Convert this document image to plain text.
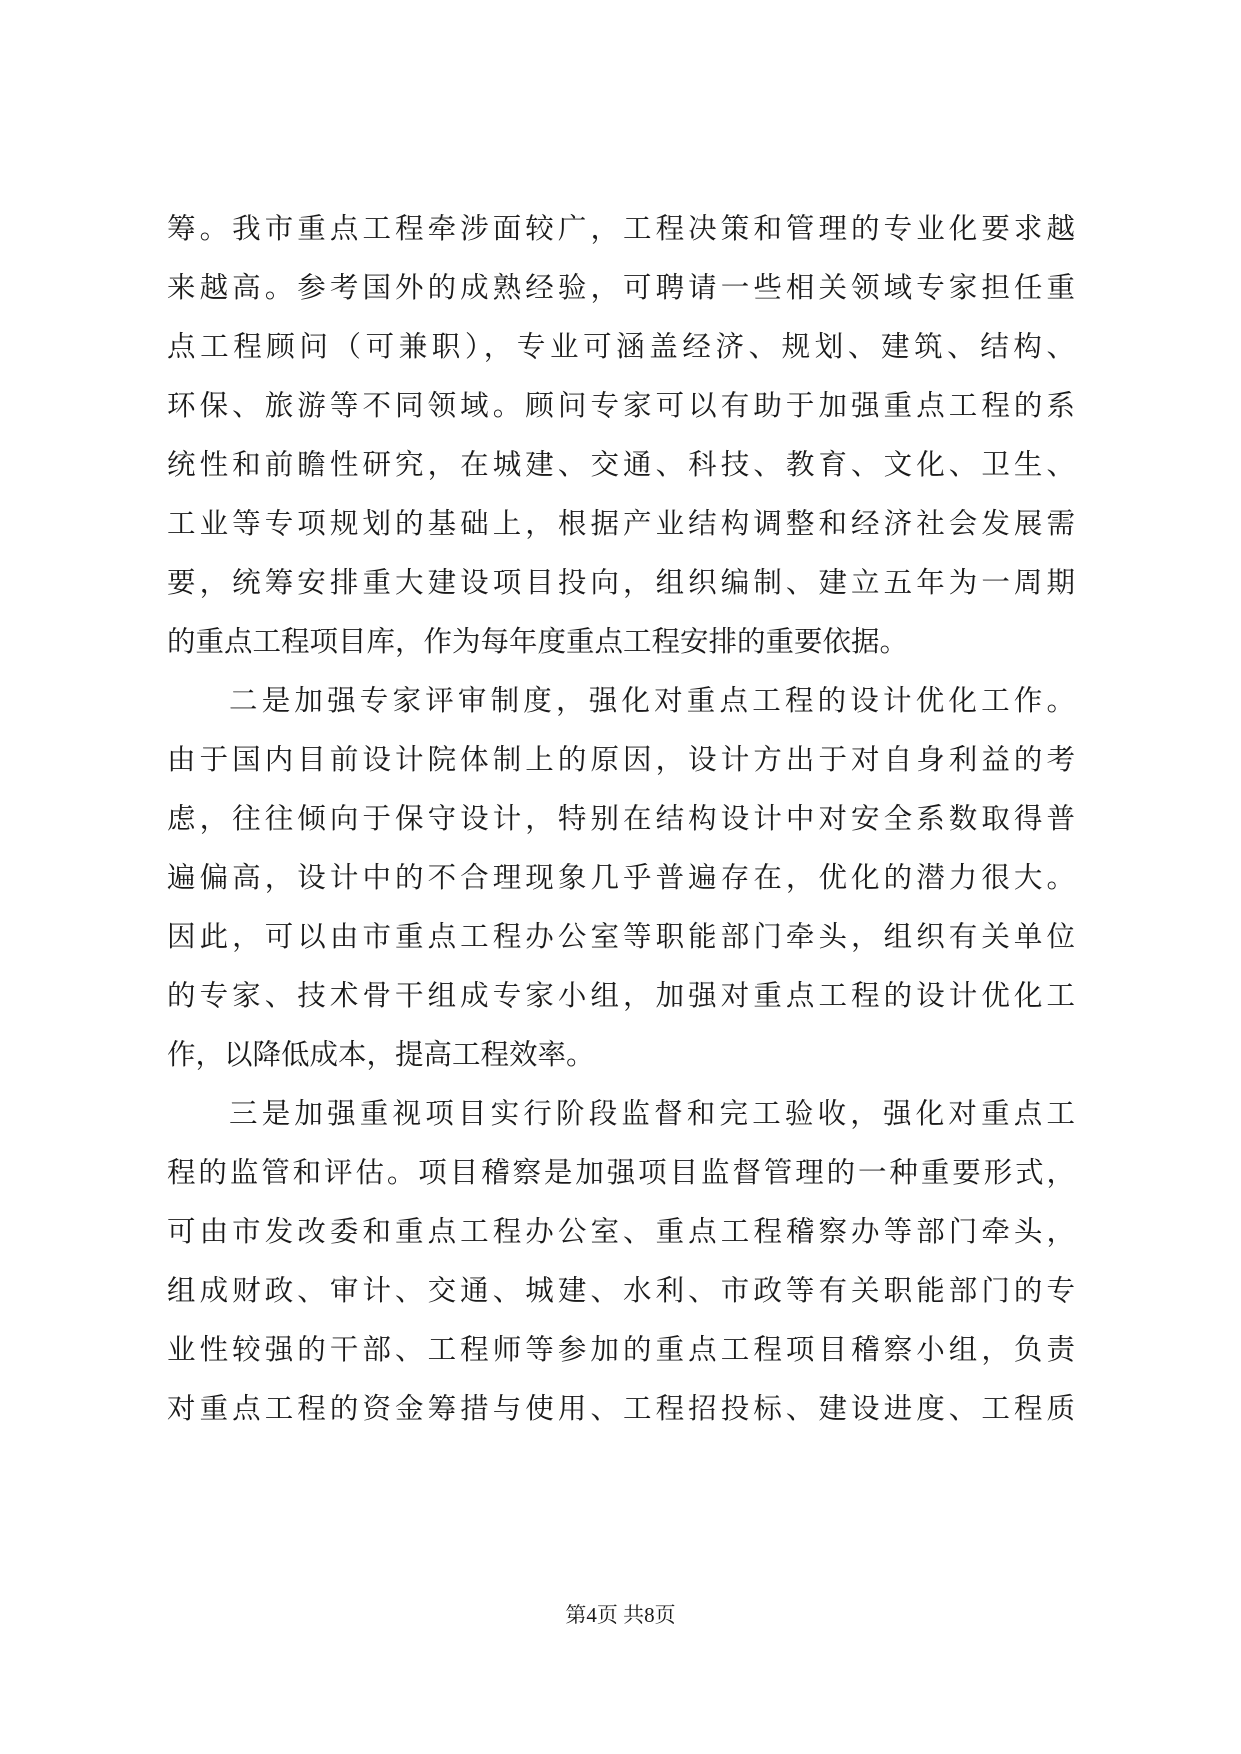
筹。我市重点工程牵涉面较广，工程决策和管理的专业化要求越
来越高。参考国外的成熟经验，可聘请一些相关领域专家担任重
点工程顾问（可兼职），专业可涵盖经济、规划、建筑、结构、
环保、旅游等不同领域。顾问专家可以有助于加强重点工程的系
统性和前瞻性研究，在城建、交通、科技、教育、文化、卫生、
工业等专项规划的基础上，根据产业结构调整和经济社会发展需
要，统筹安排重大建设项目投向，组织编制、建立五年为一周期
的重点工程项目库，作为每年度重点工程安排的重要依据。
二是加强专家评审制度，强化对重点工程的设计优化工作。
由于国内目前设计院体制上的原因，设计方出于对自身利益的考
虑，往往倾向于保守设计，特别在结构设计中对安全系数取得普
遍偏高，设计中的不合理现象几乎普遍存在，优化的潜力很大。
因此，可以由市重点工程办公室等职能部门牵头，组织有关单位
的专家、技术骨干组成专家小组，加强对重点工程的设计优化工
作，以降低成本，提高工程效率。
三是加强重视项目实行阶段监督和完工验收，强化对重点工
程的监管和评估。项目稽察是加强项目监督管理的一种重要形式，
可由市发改委和重点工程办公室、重点工程稽察办等部门牵头，
组成财政、审计、交通、城建、水利、市政等有关职能部门的专
业性较强的干部、工程师等参加的重点工程项目稽察小组，负责
对重点工程的资金筹措与使用、工程招投标、建设进度、工程质
第4页 共8页
